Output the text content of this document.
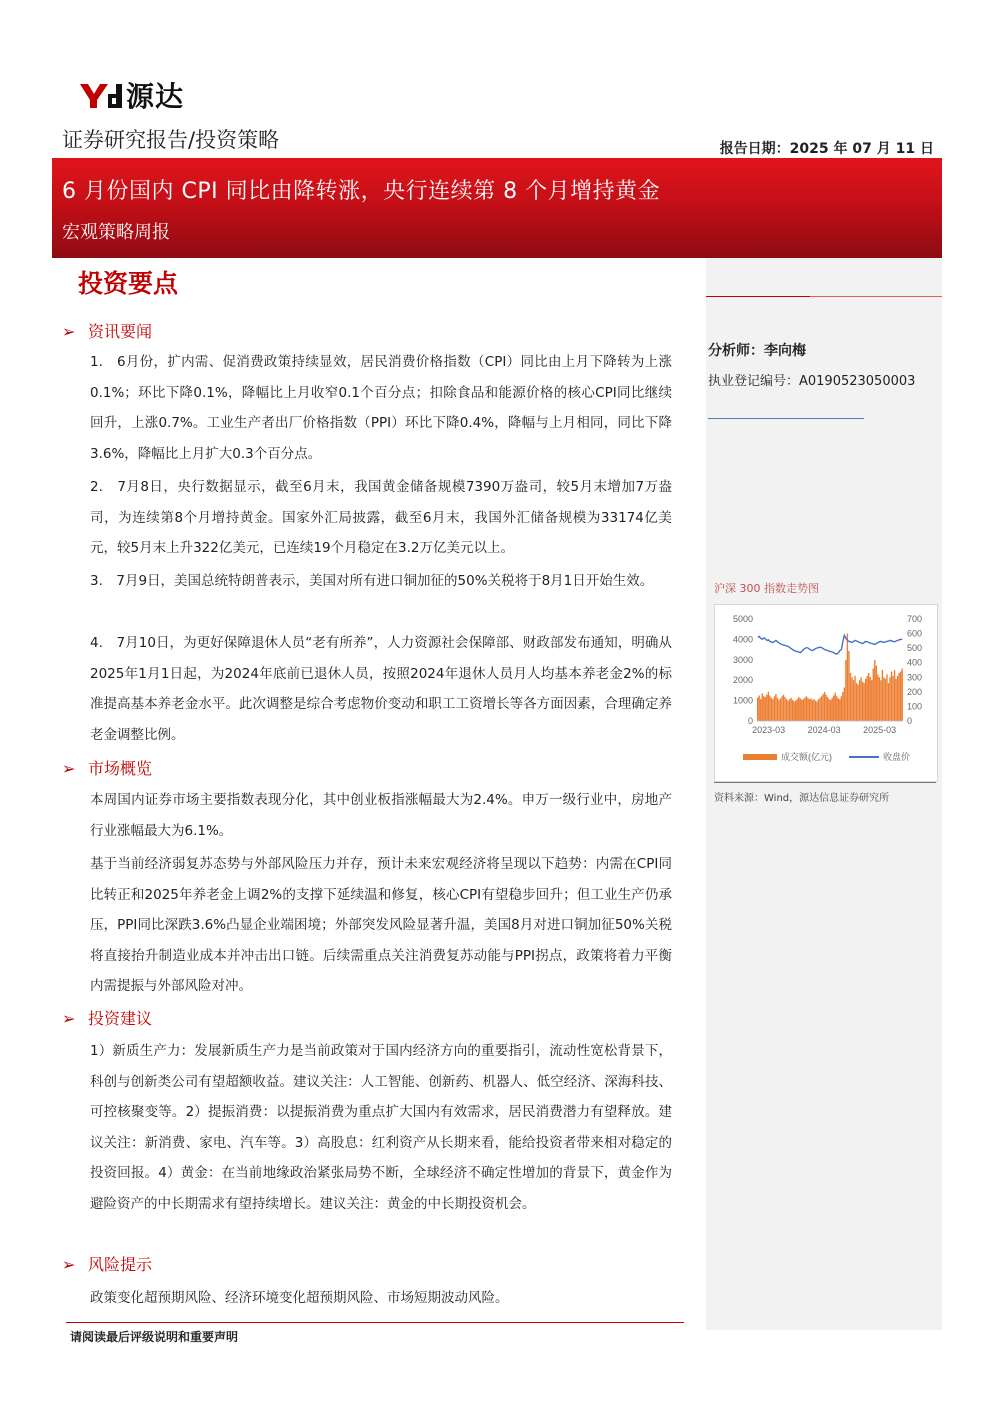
源达
证券研究报告/投资策略	报告日期：2025 年 07 月 11 日
6 月份国内 CPI 同比由降转涨，央行连续第 8 个月增持黄金
宏观策略周报
分析师：李向梅
执业登记编号：A0190523050003
沪深 300 指数走势图
0
1000
2000
3000
4000
5000
0
100
200
300
400
500
600
700
2023-03 2024-03 2025-03
成交额(亿元)	收盘价
资料来源：Wind，源达信息证券研究所
投资要点
➢ 资讯要闻
1.　6月份，扩内需、促消费政策持续显效，居民消费价格指数（CPI）同比由上月下降转为上涨0.1%；环比下降0.1%，降幅比上月收窄0.1个百分点；扣除食品和能源价格的核心CPI同比继续回升，上涨0.7%。工业生产者出厂价格指数（PPI）环比下降0.4%，降幅与上月相同，同比下降3.6%，降幅比上月扩大0.3个百分点。
2.　7月8日，央行数据显示，截至6月末，我国黄金储备规模7390万盎司，较5月末增加7万盎司，为连续第8个月增持黄金。国家外汇局披露，截至6月末，我国外汇储备规模为33174亿美元，较5月末上升322亿美元，已连续19个月稳定在3.2万亿美元以上。
3.　7月9日，美国总统特朗普表示，美国对所有进口铜加征的50%关税将于8月1日开始生效。
4.　7月10日，为更好保障退休人员“老有所养”，人力资源社会保障部、财政部发布通知，明确从2025年1月1日起，为2024年底前已退休人员，按照2024年退休人员月人均基本养老金2%的标准提高基本养老金水平。此次调整是综合考虑物价变动和职工工资增长等各方面因素，合理确定养老金调整比例。
➢ 市场概览
本周国内证券市场主要指数表现分化，其中创业板指涨幅最大为2.4%。申万一级行业中，房地产行业涨幅最大为6.1%。
基于当前经济弱复苏态势与外部风险压力并存，预计未来宏观经济将呈现以下趋势：内需在CPI同比转正和2025年养老金上调2%的支撑下延续温和修复，核心CPI有望稳步回升；但工业生产仍承压，PPI同比深跌3.6%凸显企业端困境；外部突发风险显著升温，美国8月对进口铜加征50%关税将直接抬升制造业成本并冲击出口链。后续需重点关注消费复苏动能与PPI拐点，政策将着力平衡内需提振与外部风险对冲。
➢ 投资建议
1）新质生产力：发展新质生产力是当前政策对于国内经济方向的重要指引，流动性宽松背景下，科创与创新类公司有望超额收益。建议关注：人工智能、创新药、机器人、低空经济、深海科技、可控核聚变等。2）提振消费：以提振消费为重点扩大国内有效需求，居民消费潜力有望释放。建议关注：新消费、家电、汽车等。3）高股息：红利资产从长期来看，能给投资者带来相对稳定的投资回报。4）黄金：在当前地缘政治紧张局势不断，全球经济不确定性增加的背景下，黄金作为避险资产的中长期需求有望持续增长。建议关注：黄金的中长期投资机会。
➢ 风险提示
政策变化超预期风险、经济环境变化超预期风险、市场短期波动风险。
请阅读最后评级说明和重要声明
